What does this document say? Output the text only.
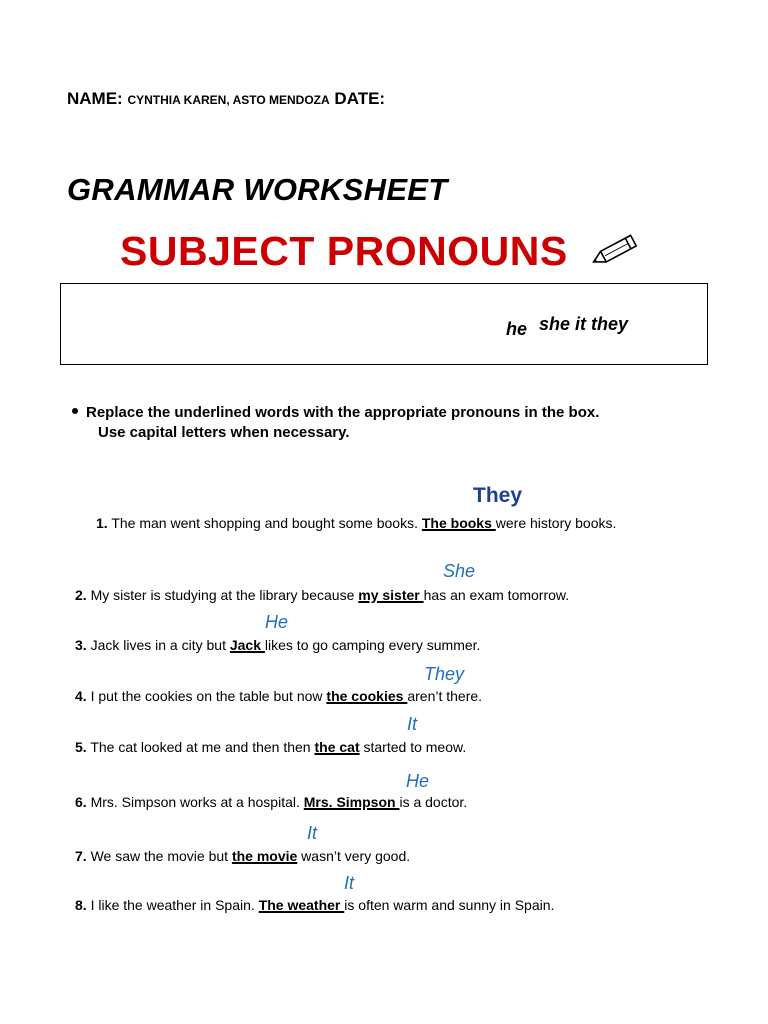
NAME: CYNTHIA KAREN, ASTO MENDOZA DATE:
GRAMMAR WORKSHEET
SUBJECT PRONOUNS
he she it they
Replace the underlined words with the appropriate pronouns in the box.
Use capital letters when necessary.
They
1. The man went shopping and bought some books. The books were history books.
She
2. My sister is studying at the library because my sister has an exam tomorrow.
He
3. Jack lives in a city but Jack likes to go camping every summer.
They
4. I put the cookies on the table but now the cookies aren’t there.
It
5. The cat looked at me and then then the cat started to meow.
He
6. Mrs. Simpson works at a hospital. Mrs. Simpson is a doctor.
It
7. We saw the movie but the movie wasn’t very good.
It
8. I like the weather in Spain. The weather is often warm and sunny in Spain.
